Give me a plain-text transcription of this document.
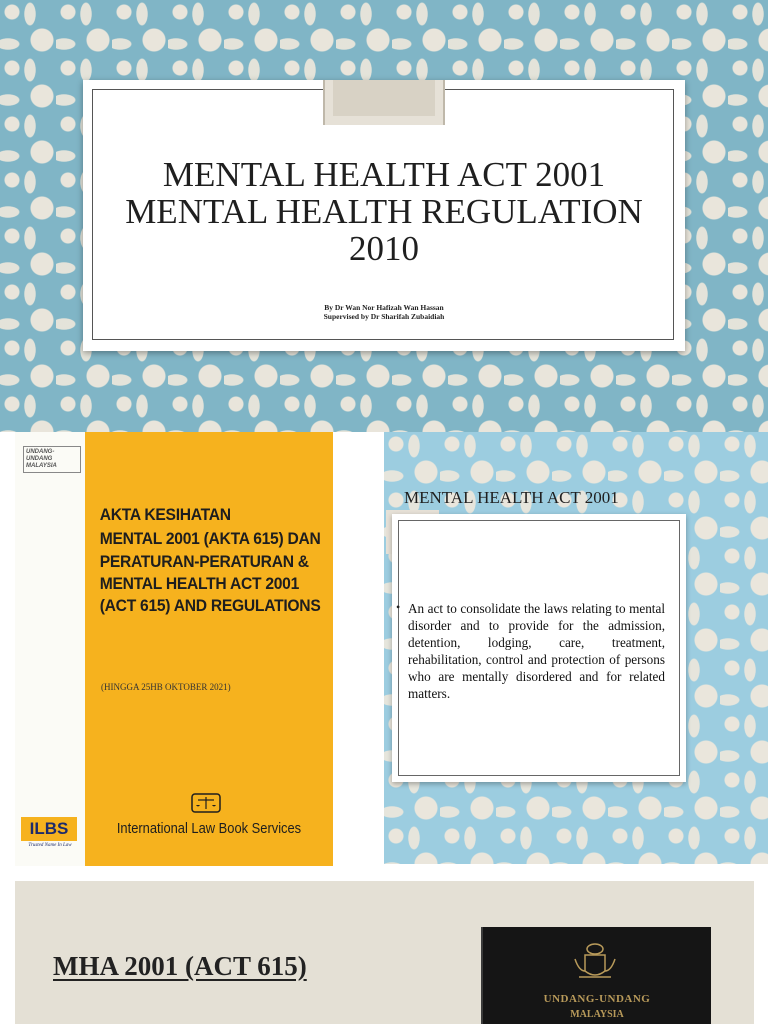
MENTAL HEALTH ACT 2001
MENTAL HEALTH REGULATION
2010
By Dr Wan Nor Hafizah Wan Hassan
Supervised by Dr Sharifah Zubaidiah
UNDANG-UNDANG MALAYSIA
ILBS
Trusted Name In Law
AKTA KESIHATAN
MENTAL 2001 (AKTA 615) DAN
PERATURAN-PERATURAN &
MENTAL HEALTH ACT 2001
(ACT 615) AND REGULATIONS
(HINGGA 25HB OKTOBER 2021)
International Law Book Services
MENTAL HEALTH ACT 2001
• An act to consolidate the laws relating to mental disorder and to provide for the admission, detention, lodging, care, treatment, rehabilitation, control and protection of persons who are mentally disordered and for related matters.
MHA 2001 (ACT 615)
UNDANG-UNDANG
MALAYSIA
